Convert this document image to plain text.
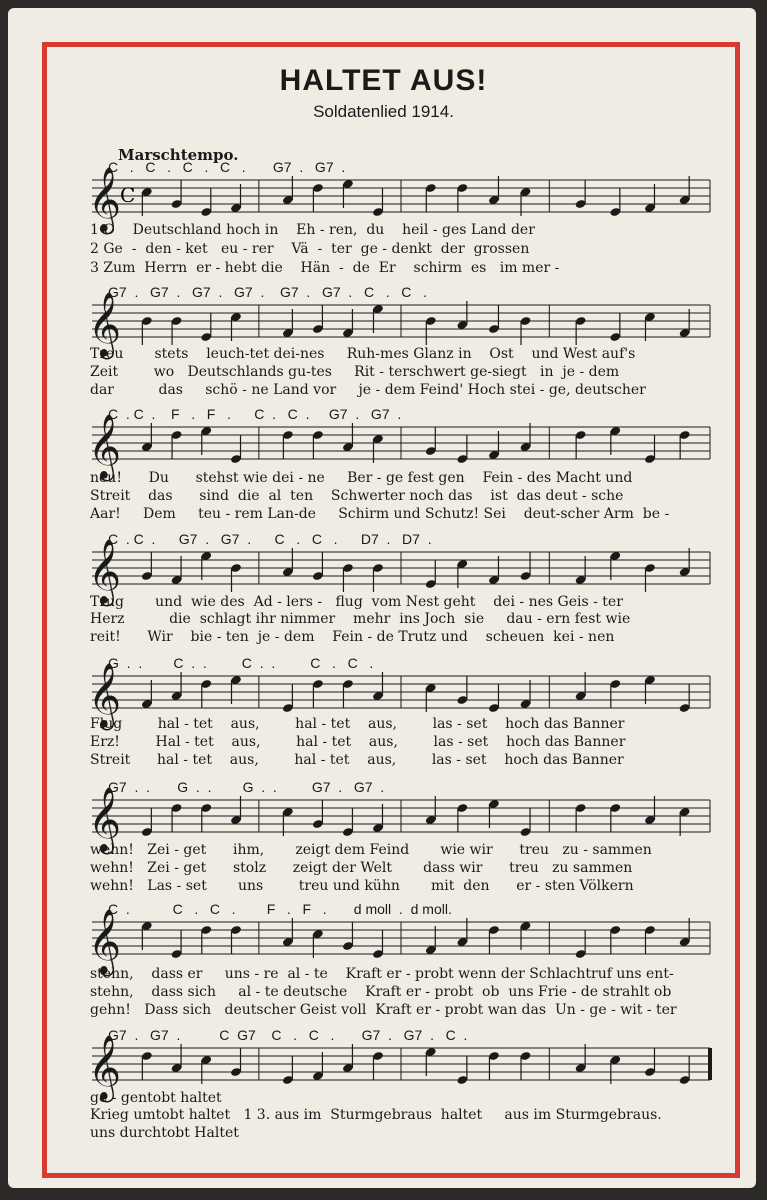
HALTET AUS!
Soldatenlied 1914.
Marschtempo.
C   .   C   .   C   .   C   .       G7  .   G7  .
𝄞
C
1 O    Deutschland hoch in    Eh - ren,  du    heil - ges Land der
2 Ge  -  den - ket   eu - rer    Vä  -  ter  ge - denkt  der  grossen
3 Zum  Herrn  er - hebt die    Hän  -  de  Er    schirm  es   im mer -
G7  .   G7  .   G7  .   G7  .    G7  .   G7  .   C   .   C   .
𝄞
Treu       stets    leuch-tet dei-nes     Ruh-mes Glanz in    Ost    und West auf's
Zeit        wo   Deutschlands gu-tes     Rit - terschwert ge-siegt   in  je - dem
dar          das     schö - ne Land vor     je - dem Feind' Hoch stei - ge, deutscher
C  . C  .    F   .   F   .      C  .   C  .     G7  .   G7  .
𝄞
neu!      Du      stehst wie dei - ne     Ber - ge fest gen    Fein - des Macht und
Streit    das      sind  die  al  ten    Schwerter noch das    ist  das deut - sche
Aar!     Dem     teu - rem Lan-de     Schirm und Schutz! Sei    deut-scher Arm  be -
C  . C  .      G7  .   G7  .      C   .   C   .      D7  .   D7  .
𝄞
Trug       und  wie des  Ad - lers -   flug  vom Nest geht    dei - nes Geis - ter
Herz          die  schlagt ihr nimmer    mehr  ins Joch  sie     dau - ern fest wie
reit!      Wir    bie - ten  je - dem    Fein - de Trutz und    scheuen  kei - nen
G  .  .        C  .  .         C  .  .         C   .   C   .
𝄞
Flug        hal - tet    aus,        hal - tet    aus,        las - set    hoch das Banner
Erz!        Hal - tet    aus,        hal - tet    aus,        las - set    hoch das Banner
Streit      hal - tet    aus,        hal - tet    aus,        las - set    hoch das Banner
G7  .  .       G  .  .        G  .  .         G7  .   G7  .
𝄞
wehn!   Zei - get      ihm,       zeigt dem Feind       wie wir      treu   zu - sammen
wehn!   Zei - get      stolz      zeigt der Welt       dass wir      treu   zu sammen
wehn!   Las - set       uns        treu und kühn       mit  den      er - sten Völkern
C  .           C   .   C   .        F   .   F   .       d moll  .  d moll.
𝄞
stehn,    dass er     uns - re  al - te    Kraft er - probt wenn der Schlachtruf uns ent-
stehn,    dass sich     al - te deutsche    Kraft er - probt  ob  uns Frie - de strahlt ob
gehn!   Dass sich   deutscher Geist voll  Kraft er - probt wan das  Un - ge - wit - ter
G7  .   G7  .          C  G7    C   .   C   .       G7  .   G7  .   C  .
𝄞
ge - gentobt haltet
Krieg umtobt haltet   1 3. aus im  Sturmgebraus  haltet     aus im Sturmgebraus.
uns durchtobt Haltet
